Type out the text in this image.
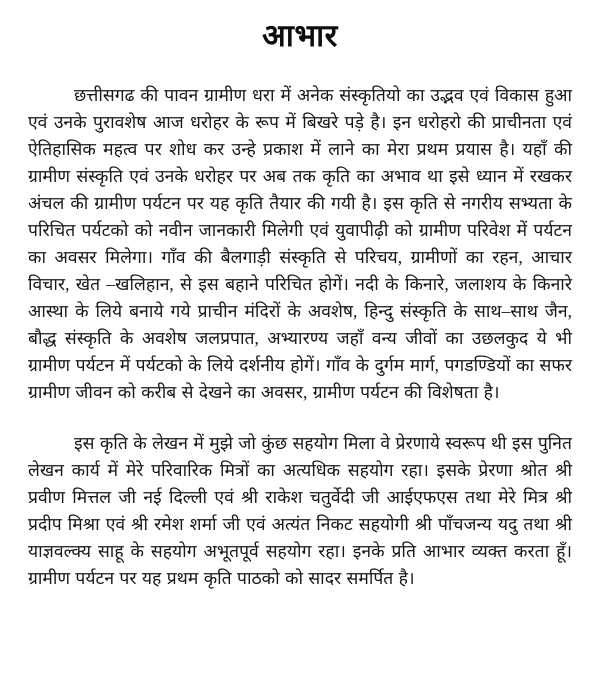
आभार

छत्तीसगढ की पावन ग्रामीण धरा में अनेक संस्कृतियो का उद्भव एवं विकास हुआ एवं उनके पुरावशेष आज धरोहर के रूप में बिखरे पड़े है। इन धरोहरो की प्राचीनता एवं ऐतिहासिक महत्व पर शोध कर उन्हे प्रकाश में लाने का मेरा प्रथम प्रयास है। यहाँ की ग्रामीण संस्कृति एवं उनके धरोहर पर अब तक कृति का अभाव था इसे ध्यान में रखकर अंचल की ग्रामीण पर्यटन पर यह कृति तैयार की गयी है। इस कृति से नगरीय सभ्यता के परिचित पर्यटको को नवीन जानकारी मिलेगी एवं युवापीढ़ी को ग्रामीण परिवेश में पर्यटन का अवसर मिलेगा। गाँव की बैलगाड़ी संस्कृति से परिचय, ग्रामीणों का रहन, आचार विचार, खेत –खलिहान, से इस बहाने परिचित होगें। नदी के किनारे, जलाशय के किनारे आस्था के लिये बनाये गये प्राचीन मंदिरों के अवशेष, हिन्दु संस्कृति के साथ–साथ जैन, बौद्ध संस्कृति के अवशेष जलप्रपात, अभ्यारण्य जहाँ वन्य जीवों का उछलकुद ये भी ग्रामीण पर्यटन में पर्यटको के लिये दर्शनीय होगें। गाँव के दुर्गम मार्ग, पगडण्डियों का सफर ग्रामीण जीवन को करीब से देखने का अवसर, ग्रामीण पर्यटन की विशेषता है।

इस कृति के लेखन में मुझे जो कुंछ सहयोग मिला वे प्रेरणाये स्वरूप थी इस पुनित लेखन कार्य में मेरे परिवारिक मित्रों का अत्यधिक सहयोग रहा। इसके प्रेरणा श्रोत श्री प्रवीण मित्तल जी नई दिल्ली एवं श्री राकेश चतुर्वेदी जी आईएफएस तथा मेरे मित्र श्री प्रदीप मिश्रा एवं श्री रमेश शर्मा जी एवं अत्यंत निकट सहयोगी श्री पाँचजन्य यदु तथा श्री याज्ञवल्क्य साहू के सहयोग अभूतपूर्व सहयोग रहा। इनके प्रति आभार व्यक्त करता हूँ। ग्रामीण पर्यटन पर यह प्रथम कृति पाठको को सादर समर्पित है।
